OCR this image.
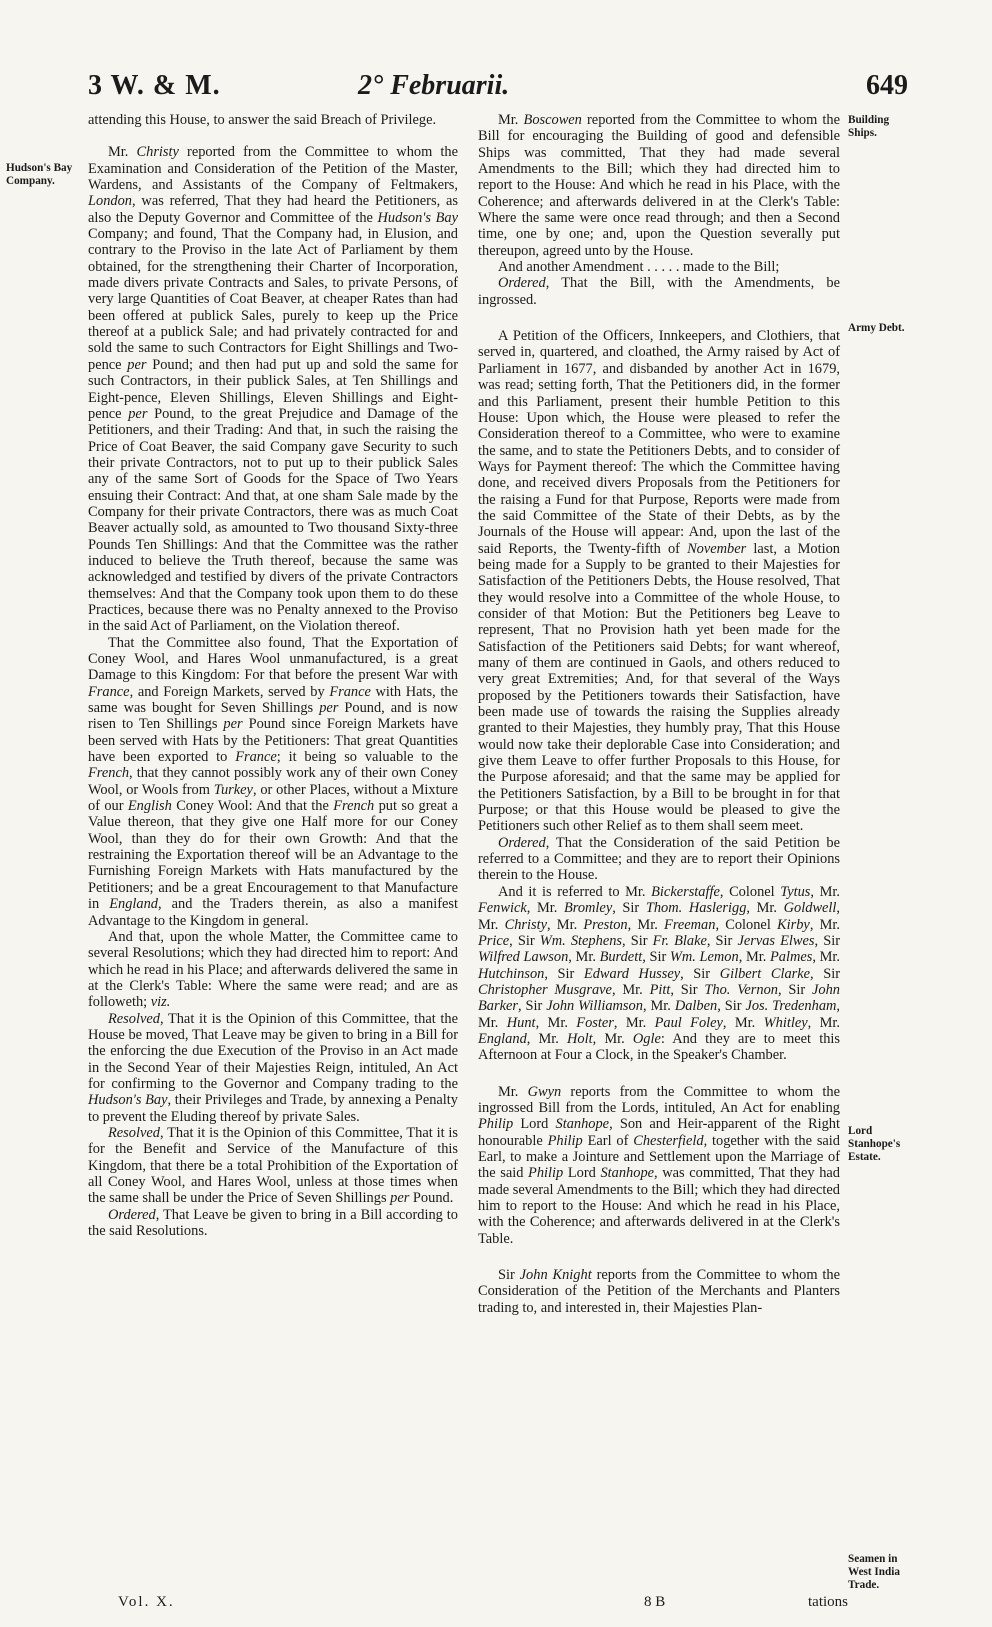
3 W. & M.	2° Februarii.	649
Hudson's Bay
Company.
Building
Ships.
Army Debt.
Lord
Stanhope's
Estate.
Seamen in
West India
Trade.

attending this House, to answer the said Breach of Privilege.

Mr. Christy reported from the Committee to whom the Examination and Consideration of the Petition of the Master, Wardens, and Assistants of the Company of Feltmakers, London, was referred, That they had heard the Petitioners, as also the Deputy Governor and Committee of the Hudson's Bay Company; and found, That the Company had, in Elusion, and contrary to the Proviso in the late Act of Parliament by them obtained, for the strengthening their Charter of Incorporation, made divers private Contracts and Sales, to private Persons, of very large Quantities of Coat Beaver, at cheaper Rates than had been offered at publick Sales, purely to keep up the Price thereof at a publick Sale; and had privately contracted for and sold the same to such Contractors for Eight Shillings and Two-pence per Pound; and then had put up and sold the same for such Contractors, in their publick Sales, at Ten Shillings and Eight-pence, Eleven Shillings, Eleven Shillings and Eight-pence per Pound, to the great Prejudice and Damage of the Petitioners, and their Trading: And that, in such the raising the Price of Coat Beaver, the said Company gave Security to such their private Contractors, not to put up to their publick Sales any of the same Sort of Goods for the Space of Two Years ensuing their Contract: And that, at one sham Sale made by the Company for their private Contractors, there was as much Coat Beaver actually sold, as amounted to Two thousand Sixty-three Pounds Ten Shillings: And that the Committee was the rather induced to believe the Truth thereof, because the same was acknowledged and testified by divers of the private Contractors themselves: And that the Company took upon them to do these Practices, because there was no Penalty annexed to the Proviso in the said Act of Parliament, on the Violation thereof.

That the Committee also found, That the Exportation of Coney Wool, and Hares Wool unmanufactured, is a great Damage to this Kingdom: For that before the present War with France, and Foreign Markets, served by France with Hats, the same was bought for Seven Shillings per Pound, and is now risen to Ten Shillings per Pound since Foreign Markets have been served with Hats by the Petitioners: That great Quantities have been exported to France; it being so valuable to the French, that they cannot possibly work any of their own Coney Wool, or Wools from Turkey, or other Places, without a Mixture of our English Coney Wool: And that the French put so great a Value thereon, that they give one Half more for our Coney Wool, than they do for their own Growth: And that the restraining the Exportation thereof will be an Advantage to the Furnishing Foreign Markets with Hats manufactured by the Petitioners; and be a great Encouragement to that Manufacture in England, and the Traders therein, as also a manifest Advantage to the Kingdom in general.

And that, upon the whole Matter, the Committee came to several Resolutions; which they had directed him to report: And which he read in his Place; and afterwards delivered the same in at the Clerk's Table: Where the same were read; and are as followeth; viz.

Resolved, That it is the Opinion of this Committee, that the House be moved, That Leave may be given to bring in a Bill for the enforcing the due Execution of the Proviso in an Act made in the Second Year of their Majesties Reign, intituled, An Act for confirming to the Governor and Company trading to the Hudson's Bay, their Privileges and Trade, by annexing a Penalty to prevent the Eluding thereof by private Sales.

Resolved, That it is the Opinion of this Committee, That it is for the Benefit and Service of the Manufacture of this Kingdom, that there be a total Prohibition of the Exportation of all Coney Wool, and Hares Wool, unless at those times when the same shall be under the Price of Seven Shillings per Pound.

Ordered, That Leave be given to bring in a Bill according to the said Resolutions.

Mr. Boscowen reported from the Committee to whom the Bill for encouraging the Building of good and defensible Ships was committed, That they had made several Amendments to the Bill; which they had directed him to report to the House: And which he read in his Place, with the Coherence; and afterwards delivered in at the Clerk's Table: Where the same were once read through; and then a Second time, one by one; and, upon the Question severally put thereupon, agreed unto by the House.

And another Amendment . . . . . made to the Bill;

Ordered, That the Bill, with the Amendments, be ingrossed.

A Petition of the Officers, Innkeepers, and Clothiers, that served in, quartered, and cloathed, the Army raised by Act of Parliament in 1677, and disbanded by another Act in 1679, was read; setting forth, That the Petitioners did, in the former and this Parliament, present their humble Petition to this House: Upon which, the House were pleased to refer the Consideration thereof to a Committee, who were to examine the same, and to state the Petitioners Debts, and to consider of Ways for Payment thereof: The which the Committee having done, and received divers Proposals from the Petitioners for the raising a Fund for that Purpose, Reports were made from the said Committee of the State of their Debts, as by the Journals of the House will appear: And, upon the last of the said Reports, the Twenty-fifth of November last, a Motion being made for a Supply to be granted to their Majesties for Satisfaction of the Petitioners Debts, the House resolved, That they would resolve into a Committee of the whole House, to consider of that Motion: But the Petitioners beg Leave to represent, That no Provision hath yet been made for the Satisfaction of the Petitioners said Debts; for want whereof, many of them are continued in Gaols, and others reduced to very great Extremities; And, for that several of the Ways proposed by the Petitioners towards their Satisfaction, have been made use of towards the raising the Supplies already granted to their Majesties, they humbly pray, That this House would now take their deplorable Case into Consideration; and give them Leave to offer further Proposals to this House, for the Purpose aforesaid; and that the same may be applied for the Petitioners Satisfaction, by a Bill to be brought in for that Purpose; or that this House would be pleased to give the Petitioners such other Relief as to them shall seem meet.

Ordered, That the Consideration of the said Petition be referred to a Committee; and they are to report their Opinions therein to the House.

And it is referred to Mr. Bickerstaffe, Colonel Tytus, Mr. Fenwick, Mr. Bromley, Sir Thom. Haslerigg, Mr. Goldwell, Mr. Christy, Mr. Preston, Mr. Freeman, Colonel Kirby, Mr. Price, Sir Wm. Stephens, Sir Fr. Blake, Sir Jervas Elwes, Sir Wilfred Lawson, Mr. Burdett, Sir Wm. Lemon, Mr. Palmes, Mr. Hutchinson, Sir Edward Hussey, Sir Gilbert Clarke, Sir Christopher Musgrave, Mr. Pitt, Sir Tho. Vernon, Sir John Barker, Sir John Williamson, Mr. Dalben, Sir Jos. Tredenham, Mr. Hunt, Mr. Foster, Mr. Paul Foley, Mr. Whitley, Mr. England, Mr. Holt, Mr. Ogle: And they are to meet this Afternoon at Four a Clock, in the Speaker's Chamber.

Mr. Gwyn reports from the Committee to whom the ingrossed Bill from the Lords, intituled, An Act for enabling Philip Lord Stanhope, Son and Heir-apparent of the Right honourable Philip Earl of Chesterfield, together with the said Earl, to make a Jointure and Settlement upon the Marriage of the said Philip Lord Stanhope, was committed, That they had made several Amendments to the Bill; which they had directed him to report to the House: And which he read in his Place, with the Coherence; and afterwards delivered in at the Clerk's Table.

Sir John Knight reports from the Committee to whom the Consideration of the Petition of the Merchants and Planters trading to, and interested in, their Majesties Plan-

Vol. X.	8 B	tations
